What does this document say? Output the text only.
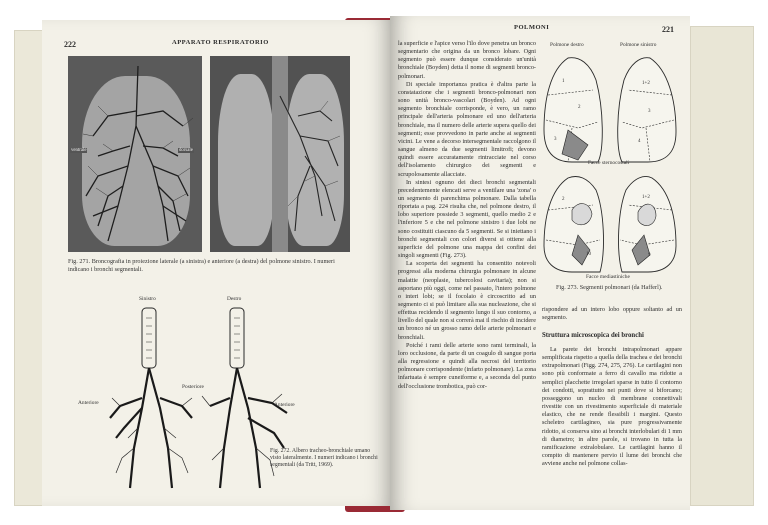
222	APPARATO RESPIRATORIO
ventrale	dorsale
Fig. 271. Broncografia in proiezione laterale (a sinistra) e anteriore (a destra) del polmone sinistro. I numeri indicano i bronchi segmentali.
Sinistro	Destro
Anteriore
Posteriore
Anteriore
Fig. 272. Albero tracheo-bronchiale umano visto lateralmente. I numeri indicano i bronchi segmentali (da Tritt, 1969).
POLMONI	221

la superficie e l'apice verso l'ilo dove penetra un bronco segmentario che origina da un bronco lobare. Ogni segmento può essere dunque considerato un'unità bronchiale (Boyden) detta il nome di segmenti bronco-polmonari.

Di speciale importanza pratica è d'altra parte la constatazione che i segmenti bronco-polmonari non sono unità bronco-vascolari (Boyden). Ad ogni segmento bronchiale corrisponde, è vero, un ramo principale dell'arteria polmonare ed uno dell'arteria bronchiale, ma il numero delle arterie supera quello dei segmenti; esse provvedono in parte anche ai segmenti vicini. Le vene a decorso intersegmentale raccolgono il sangue almeno da due segmenti limitrofi; devono quindi essere accuratamente rintracciate nel corso dell'isolamento chirurgico dei segmenti e scrupolosamente allacciate.

In sintesi ognuno dei dieci bronchi segmentali precedentemente elencati serve a ventilare una 'zona' o un segmento di parenchima polmonare. Dalla tabella riportata a pag. 224 risulta che, nel polmone destro, il lobo superiore possiede 3 segmenti, quello medio 2 e l'inferiore 5 e che nel polmone sinistro i due lobi ne sono costituiti ciascuno da 5 segmenti. Se si iniettano i bronchi segmentali con colori diversi si ottiene alla superficie del polmone una mappa dei confini dei singoli segmenti (Fig. 273).

La scoperta dei segmenti ha consentito notevoli progressi alla moderna chirurgia polmonare in alcune malattie (neoplasie, tubercolosi cavitaria); non si asportano più oggi, come nel passato, l'intero polmone o interi lobi; se il focolaio è circoscritto ad un segmento ci si può limitare alla sua nucleazione, che si effettua recidendo il segmento lungo il suo contorno, a livello del quale non si correrà mai il rischio di incidere un bronco né un grosso ramo delle arterie polmonari e bronchiali.

Poiché i rami delle arterie sono rami terminali, la loro occlusione, da parte di un coagulo di sangue porta alla regressione e quindi alla necrosi del territorio polmonare corrispondente (infarto polmonare). La zona infartuata è sempre cuneiforme e, a seconda del punto dell'occlusione trombotica, può cor-

Polmone destro	Polmone sinistro
1
2
3
1+2
3
4
2
10
1+2
9
Facce sternocostali
Facce mediastiniche
Fig. 273. Segmenti polmonari (da Hafferl).

rispondere ad un intero lobo oppure soltanto ad un segmento.

Struttura microscopica dei bronchi

La parete dei bronchi intrapolmonari appare semplificata rispetto a quella della trachea e dei bronchi extrapolmonari (Figg. 274, 275, 276). Le cartilagini non sono più conformate a ferro di cavallo ma ridotte a semplici placchette irregolari sparse in tutto il contorno dei condotti, soprattutto nei punti dove si biforcano; posseggono un nucleo di membrane connettivali rivestite con un rivestimento superficiale di materiale elastico, che ne rende flessibili i margini. Questo scheletro cartilagineo, sia pure progressivamente ridotto, si conserva sino ai bronchi interlobulari di 1 mm di diametro; in altre parole, si trovano in tutta la ramificazione extralobulare. Le cartilagini hanno il compito di mantenere pervio il lume dei bronchi che avviene anche nel polmone collas-
